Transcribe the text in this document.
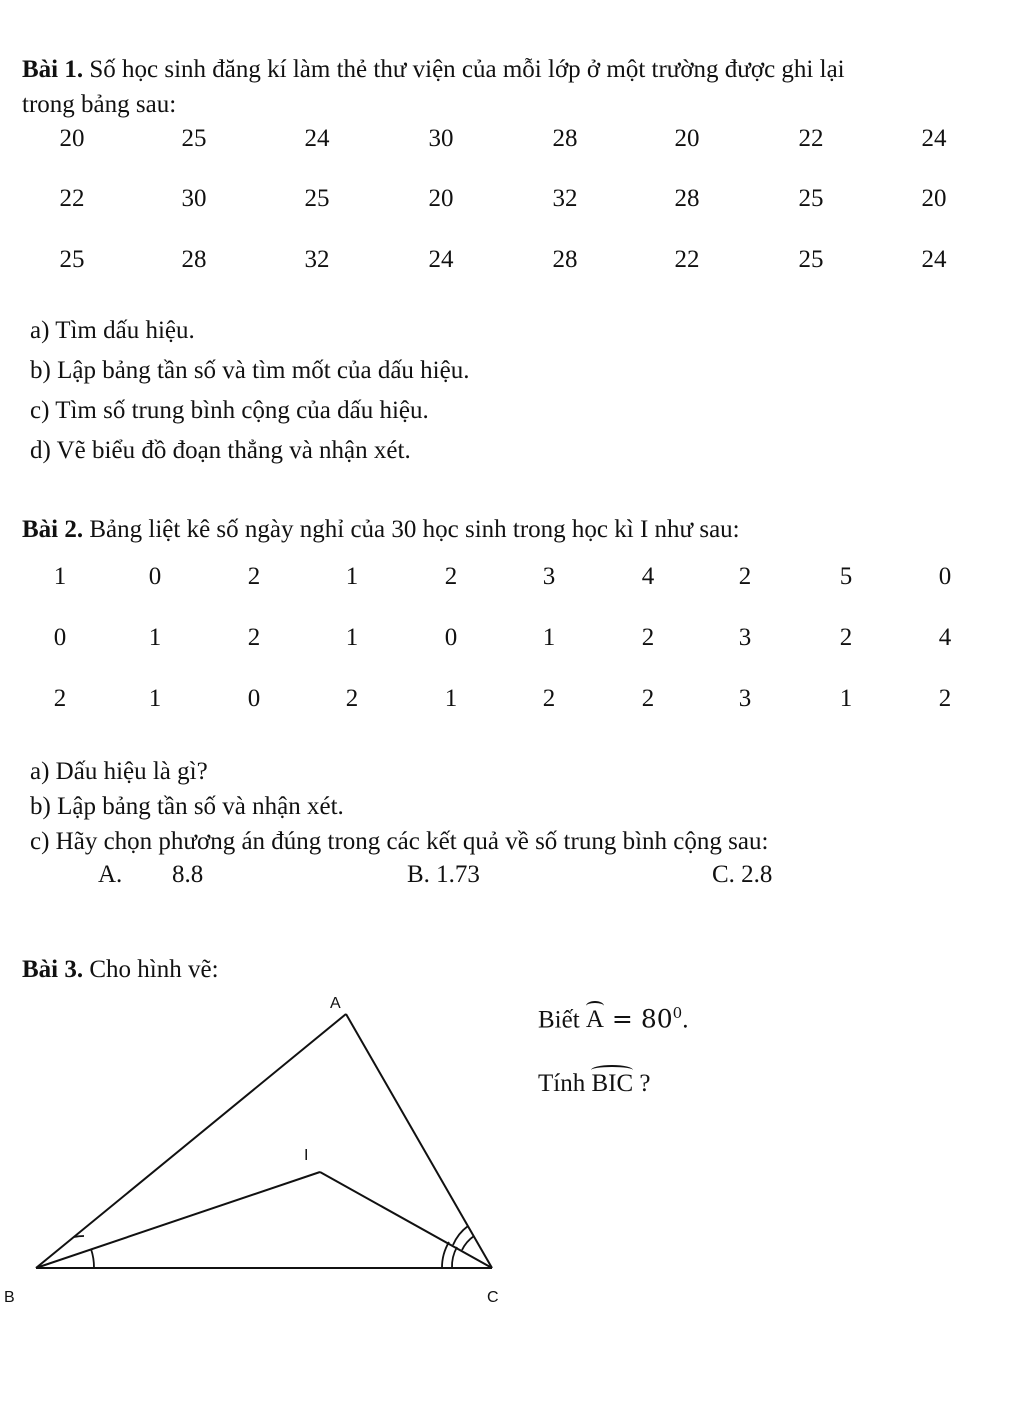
Bài 1. Số học sinh đăng kí làm thẻ thư viện của mỗi lớp ở một trường được ghi lại
trong bảng sau:
20	25	24	30	28	20	22	24
22	30	25	20	32	28	25	20
25	28	32	24	28	22	25	24
a) Tìm dấu hiệu.
b) Lập bảng tần số và tìm mốt của dấu hiệu.
c) Tìm số trung bình cộng của dấu hiệu.
d) Vẽ biểu đồ đoạn thẳng và nhận xét.
Bài 2. Bảng liệt kê số ngày nghỉ của 30 học sinh trong học kì I như sau:
1	0	2	1	2	3	4	2	5	0
0	1	2	1	0	1	2	3	2	4
2	1	0	2	1	2	2	3	1	2
a) Dấu hiệu là gì?
b) Lập bảng tần số và nhận xét.
c) Hãy chọn phương án đúng trong các kết quả về số trung bình cộng sau:
A. 8.8	B. 1.73	C. 2.8
Bài 3. Cho hình vẽ:
Biết
$A = 80^0$.
Tính
BIC ?
A
B	C
I
